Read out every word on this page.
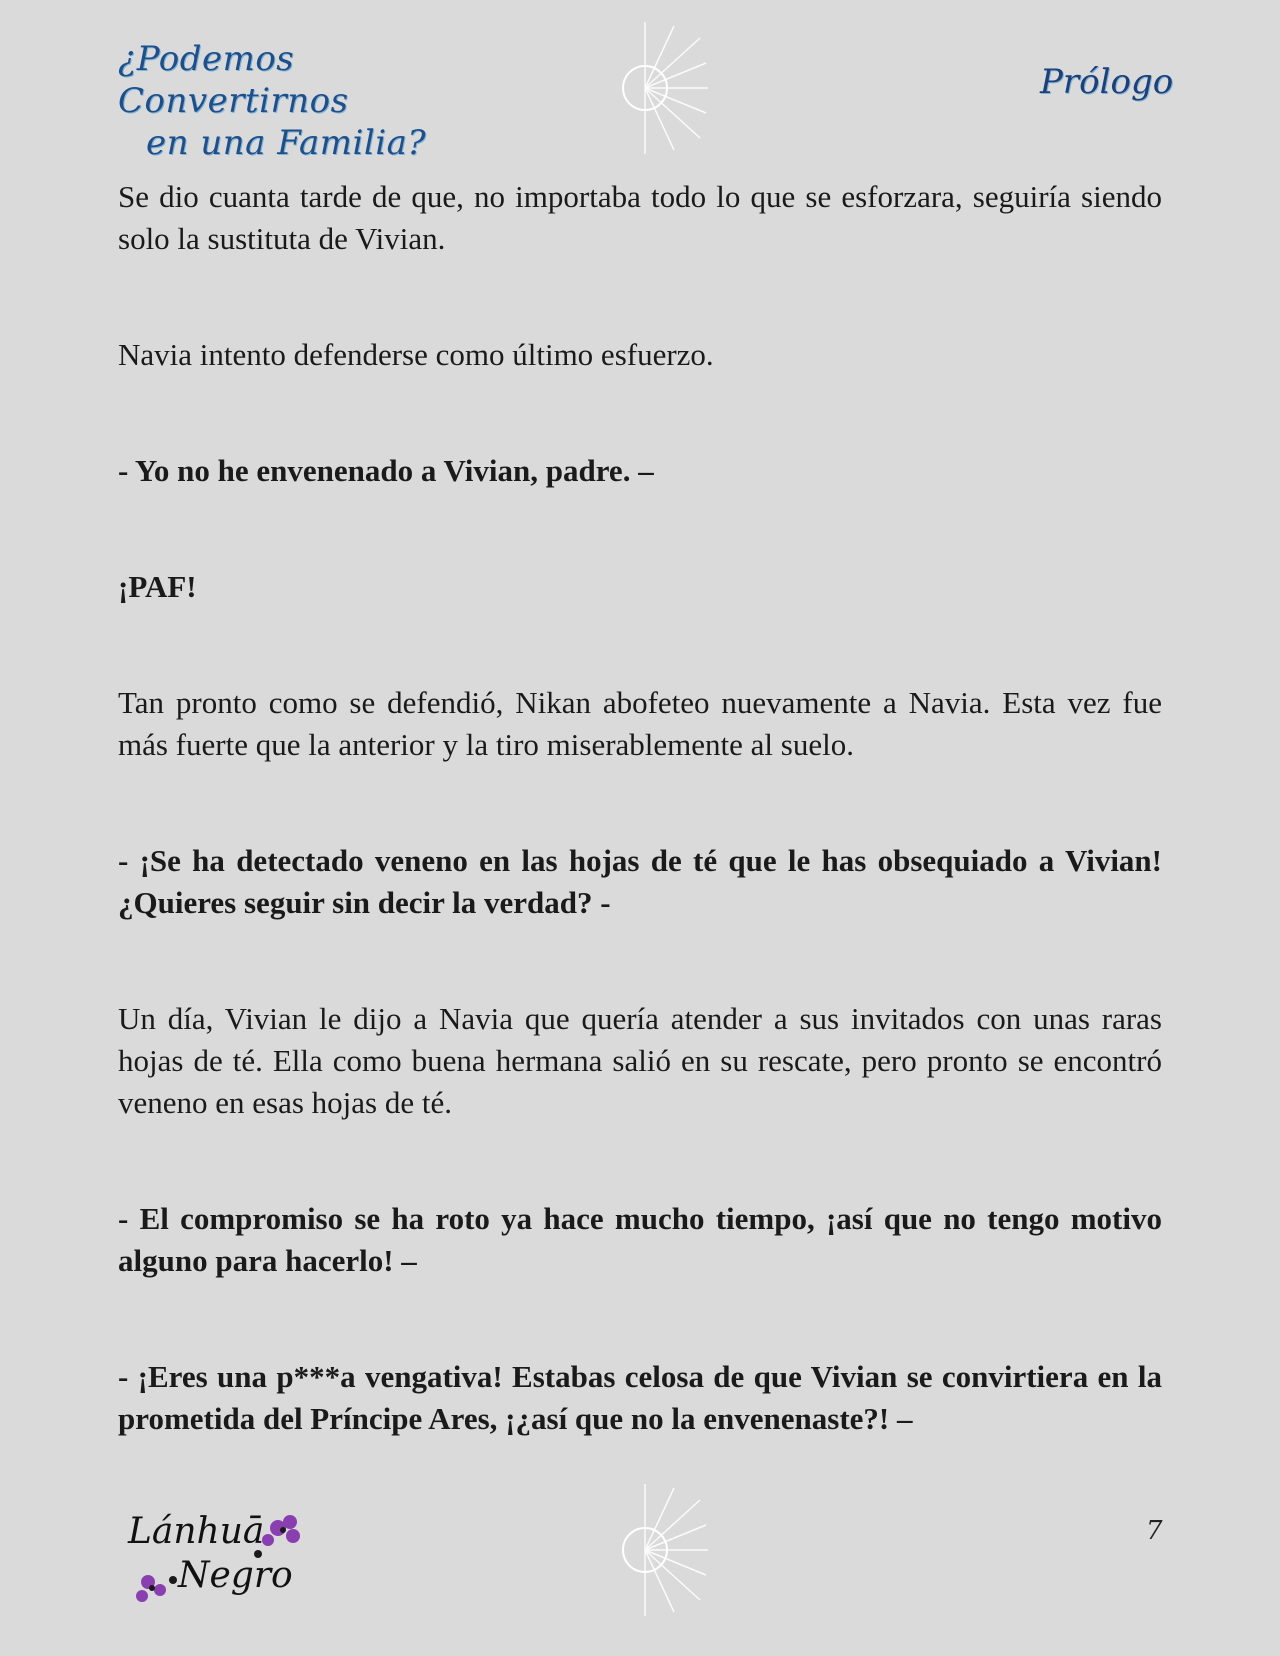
¿Podemos Convertirnos
en una Familia?
Prólogo

Se dio cuanta tarde de que, no importaba todo lo que se esforzara, seguiría siendo solo la sustituta de Vivian.

Navia intento defenderse como último esfuerzo.

- Yo no he envenenado a Vivian, padre. –

¡PAF!

Tan pronto como se defendió, Nikan abofeteo nuevamente a Navia. Esta vez fue más fuerte que la anterior y la tiro miserablemente al suelo.

- ¡Se ha detectado veneno en las hojas de té que le has obsequiado a Vivian! ¿Quieres seguir sin decir la verdad? -

Un día, Vivian le dijo a Navia que quería atender a sus invitados con unas raras hojas de té. Ella como buena hermana salió en su rescate, pero pronto se encontró veneno en esas hojas de té.

- El compromiso se ha roto ya hace mucho tiempo, ¡así que no tengo motivo alguno para hacerlo! –

- ¡Eres una p***a vengativa! Estabas celosa de que Vivian se convirtiera en la prometida del Príncipe Ares, ¡¿así que no la envenenaste?! –

Lánhuā
Negro
7
